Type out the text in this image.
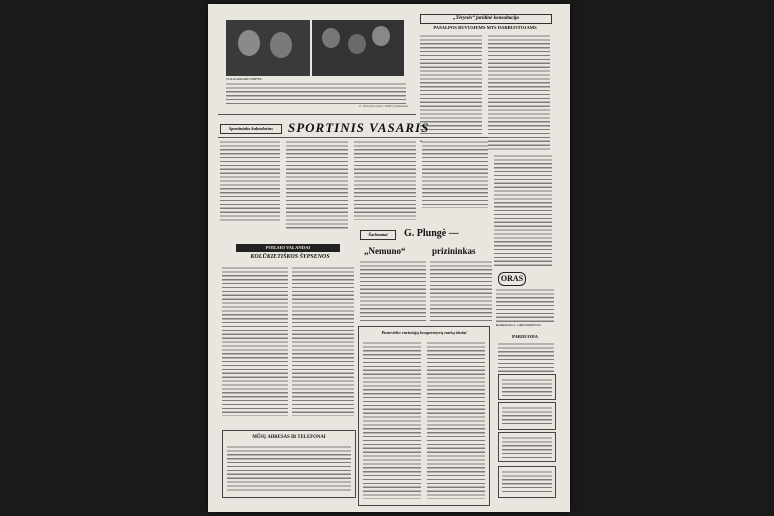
VOLGOGRADO SMETE.
E. Kienninio nuotr. TASSo fotokronika
„Tėvynės“ juridinė konsultacija
PAŠALPOS BUVUSIEMS MTS DARBUOTOJAMS
Sportininko kalendorius	SPORTINIS VASARIS
Šachmatai	G. Plungė —
„Nemuno“	prizininkas
ORAS
Redaktorius L. GRIGORIONAS
POILSIO VALANDAI
KOLŪKIETIŠKOS ŠYPSENOS
Panevėžio vartotojų kooperatyvų narių žiniai
PARDUODA
MŪSŲ ADRESAS IR TELEFONAI
